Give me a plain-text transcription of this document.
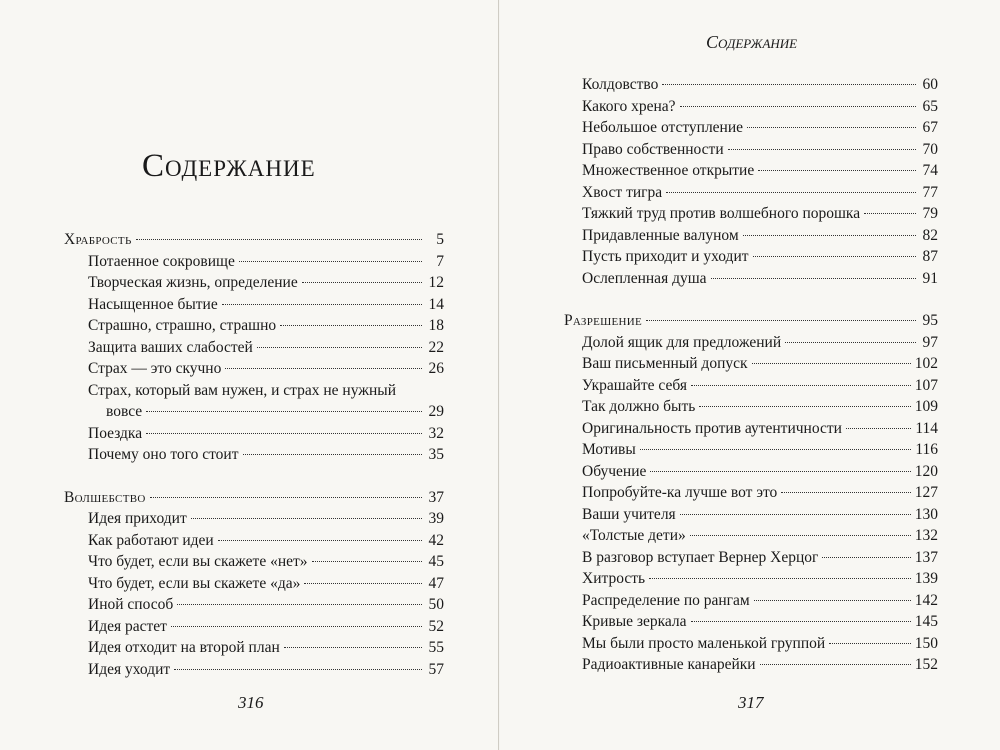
Содержание
Храбрость	5
Потаенное сокровище	7
Творческая жизнь, определение	12
Насыщенное бытие	14
Страшно, страшно, страшно	18
Защита ваших слабостей	22
Страх — это скучно	26
Страх, который вам нужен, и страх не нужный
вовсе	29
Поездка	32
Почему оно того стоит	35
Волшебство	37
Идея приходит	39
Как работают идеи	42
Что будет, если вы скажете «нет»	45
Что будет, если вы скажете «да»	47
Иной способ	50
Идея растет	52
Идея отходит на второй план	55
Идея уходит	57
316
Содержание
Колдовство	60
Какого хрена?	65
Небольшое отступление	67
Право собственности	70
Множественное открытие	74
Хвост тигра	77
Тяжкий труд против волшебного порошка	79
Придавленные валуном	82
Пусть приходит и уходит	87
Ослепленная душа	91
Разрешение	95
Долой ящик для предложений	97
Ваш письменный допуск	102
Украшайте себя	107
Так должно быть	109
Оригинальность против аутентичности	114
Мотивы	116
Обучение	120
Попробуйте-ка лучше вот это	127
Ваши учителя	130
«Толстые дети»	132
В разговор вступает Вернер Херцог	137
Хитрость	139
Распределение по рангам	142
Кривые зеркала	145
Мы были просто маленькой группой	150
Радиоактивные канарейки	152
317
